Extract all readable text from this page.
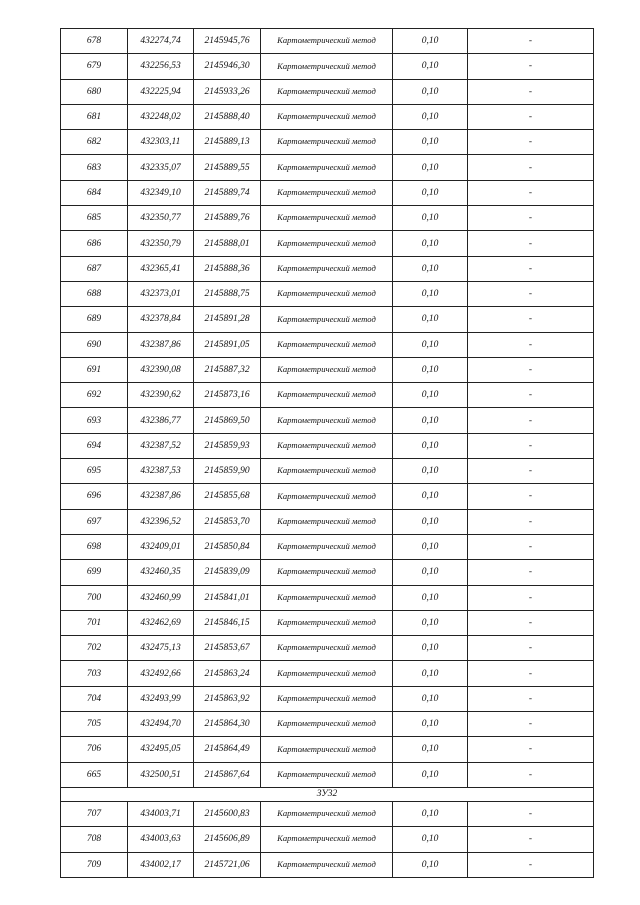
678	432274,74	2145945,76	Картометрический метод	0,10	-
679	432256,53	2145946,30	Картометрический метод	0,10	-
680	432225,94	2145933,26	Картометрический метод	0,10	-
681	432248,02	2145888,40	Картометрический метод	0,10	-
682	432303,11	2145889,13	Картометрический метод	0,10	-
683	432335,07	2145889,55	Картометрический метод	0,10	-
684	432349,10	2145889,74	Картометрический метод	0,10	-
685	432350,77	2145889,76	Картометрический метод	0,10	-
686	432350,79	2145888,01	Картометрический метод	0,10	-
687	432365,41	2145888,36	Картометрический метод	0,10	-
688	432373,01	2145888,75	Картометрический метод	0,10	-
689	432378,84	2145891,28	Картометрический метод	0,10	-
690	432387,86	2145891,05	Картометрический метод	0,10	-
691	432390,08	2145887,32	Картометрический метод	0,10	-
692	432390,62	2145873,16	Картометрический метод	0,10	-
693	432386,77	2145869,50	Картометрический метод	0,10	-
694	432387,52	2145859,93	Картометрический метод	0,10	-
695	432387,53	2145859,90	Картометрический метод	0,10	-
696	432387,86	2145855,68	Картометрический метод	0,10	-
697	432396,52	2145853,70	Картометрический метод	0,10	-
698	432409,01	2145850,84	Картометрический метод	0,10	-
699	432460,35	2145839,09	Картометрический метод	0,10	-
700	432460,99	2145841,01	Картометрический метод	0,10	-
701	432462,69	2145846,15	Картометрический метод	0,10	-
702	432475,13	2145853,67	Картометрический метод	0,10	-
703	432492,66	2145863,24	Картометрический метод	0,10	-
704	432493,99	2145863,92	Картометрический метод	0,10	-
705	432494,70	2145864,30	Картометрический метод	0,10	-
706	432495,05	2145864,49	Картометрический метод	0,10	-
665	432500,51	2145867,64	Картометрический метод	0,10	-
ЗУ32					
707	434003,71	2145600,83	Картометрический метод	0,10	-
708	434003,63	2145606,89	Картометрический метод	0,10	-
709	434002,17	2145721,06	Картометрический метод	0,10	-
